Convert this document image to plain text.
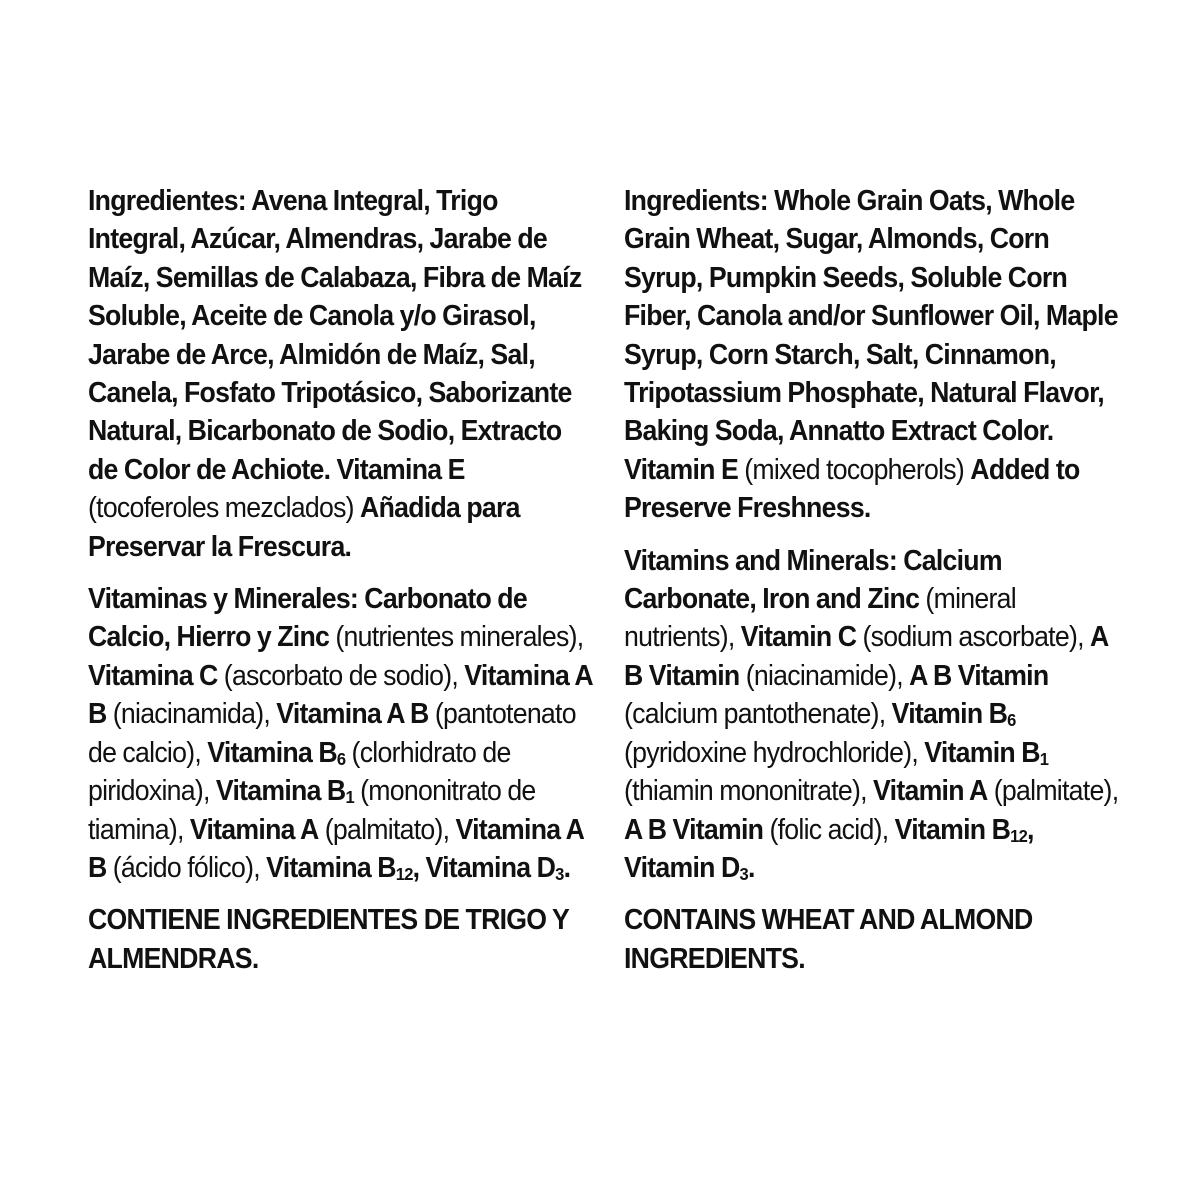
Ingredientes: Avena Integral, Trigo Integral, Azúcar, Almendras, Jarabe de Maíz, Semillas de Calabaza, Fibra de Maíz Soluble, Aceite de Canola y/o Girasol, Jarabe de Arce, Almidón de Maíz, Sal, Canela, Fosfato Tripotásico, Saborizante Natural, Bicarbonato de Sodio, Extracto de Color de Achiote. Vitamina E (tocoferoles mezclados) Añadida para Preservar la Frescura.

Vitaminas y Minerales: Carbonato de Calcio, Hierro y Zinc (nutrientes minerales), Vitamina C (ascorbato de sodio), Vitamina A B (niacinamida), Vitamina A B (pantotenato de calcio), Vitamina $B_6$ (clorhidrato de piridoxina), Vitamina $B_1$ (mononitrato de tiamina), Vitamina A (palmitato), Vitamina A B (ácido fólico), Vitamina $B_{12}$, Vitamina $D_3$.

CONTIENE INGREDIENTES DE TRIGO Y ALMENDRAS.

Ingredients: Whole Grain Oats, Whole Grain Wheat, Sugar, Almonds, Corn Syrup, Pumpkin Seeds, Soluble Corn Fiber, Canola and/or Sunflower Oil, Maple Syrup, Corn Starch, Salt, Cinnamon, Tripotassium Phosphate, Natural Flavor, Baking Soda, Annatto Extract Color. Vitamin E (mixed tocopherols) Added to Preserve Freshness.

Vitamins and Minerals: Calcium Carbonate, Iron and Zinc (mineral nutrients), Vitamin C (sodium ascorbate), A B Vitamin (niacinamide), A B Vitamin (calcium pantothenate), Vitamin $B_6$ (pyridoxine hydrochloride), Vitamin $B_1$ (thiamin mononitrate), Vitamin A (palmitate), A B Vitamin (folic acid), Vitamin $B_{12}$, Vitamin $D_3$.

CONTAINS WHEAT AND ALMOND INGREDIENTS.
